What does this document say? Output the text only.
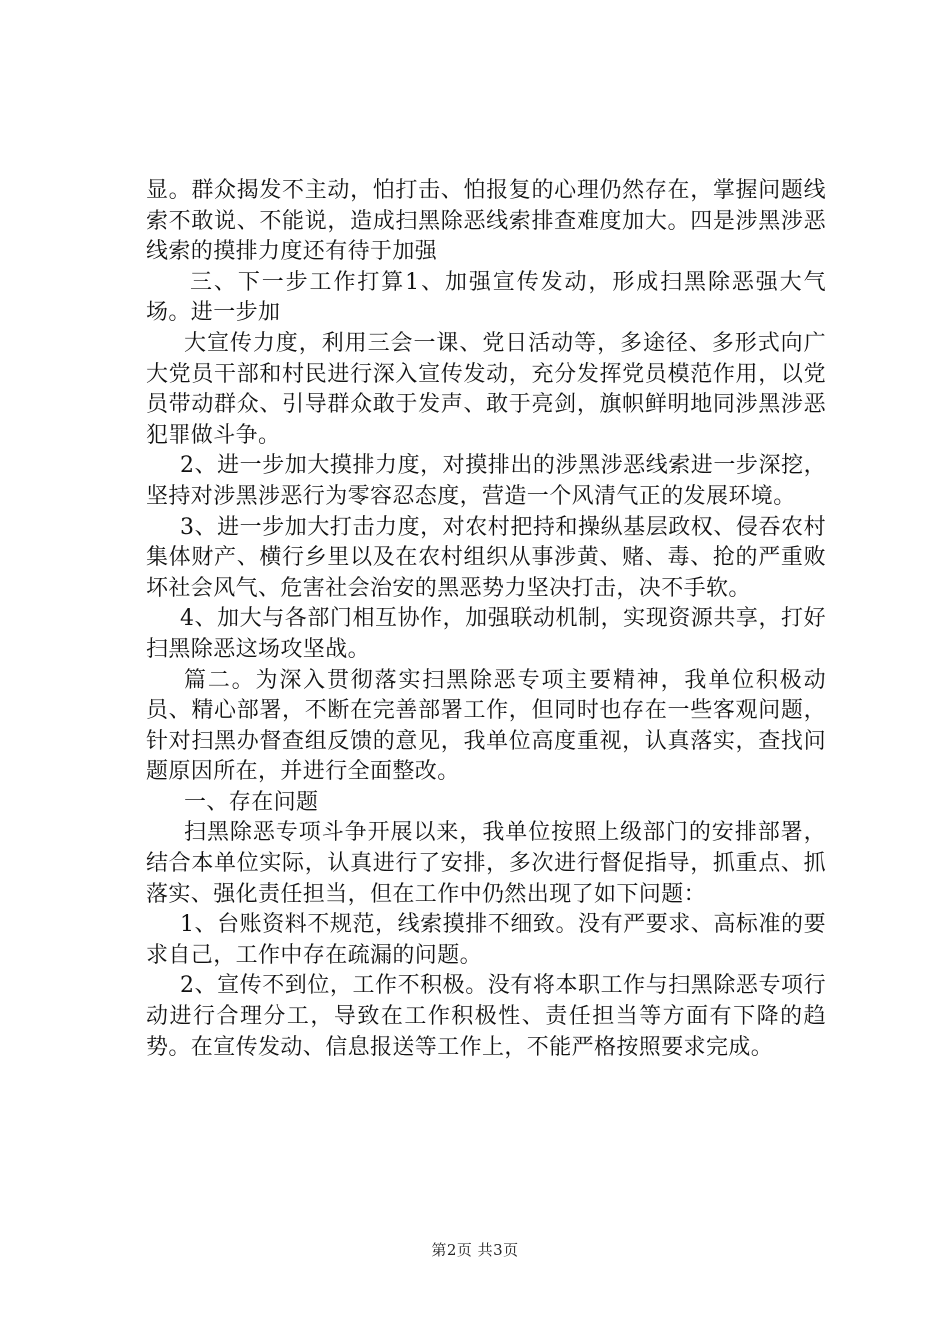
显。群众揭发不主动，怕打击、怕报复的心理仍然存在，掌握问题线索不敢说、不能说，造成扫黑除恶线索排查难度加大。四是涉黑涉恶线索的摸排力度还有待于加强

三、下一步工作打算1、加强宣传发动，形成扫黑除恶强大气场。进一步加

大宣传力度，利用三会一课、党日活动等，多途径、多形式向广大党员干部和村民进行深入宣传发动，充分发挥党员模范作用，以党员带动群众、引导群众敢于发声、敢于亮剑，旗帜鲜明地同涉黑涉恶犯罪做斗争。

2、进一步加大摸排力度，对摸排出的涉黑涉恶线索进一步深挖，坚持对涉黑涉恶行为零容忍态度，营造一个风清气正的发展环境。

3、进一步加大打击力度，对农村把持和操纵基层政权、侵吞农村集体财产、横行乡里以及在农村组织从事涉黄、赌、毒、抢的严重败坏社会风气、危害社会治安的黑恶势力坚决打击，决不手软。

4、加大与各部门相互协作，加强联动机制，实现资源共享，打好扫黑除恶这场攻坚战。

篇二。为深入贯彻落实扫黑除恶专项主要精神，我单位积极动员、精心部署，不断在完善部署工作，但同时也存在一些客观问题，针对扫黑办督查组反馈的意见，我单位高度重视，认真落实，查找问题原因所在，并进行全面整改。

一、存在问题

扫黑除恶专项斗争开展以来，我单位按照上级部门的安排部署，结合本单位实际，认真进行了安排，多次进行督促指导，抓重点、抓落实、强化责任担当，但在工作中仍然出现了如下问题：

1、台账资料不规范，线索摸排不细致。没有严要求、高标准的要求自己，工作中存在疏漏的问题。

2、宣传不到位，工作不积极。没有将本职工作与扫黑除恶专项行动进行合理分工，导致在工作积极性、责任担当等方面有下降的趋势。在宣传发动、信息报送等工作上，不能严格按照要求完成。

第2页 共3页
